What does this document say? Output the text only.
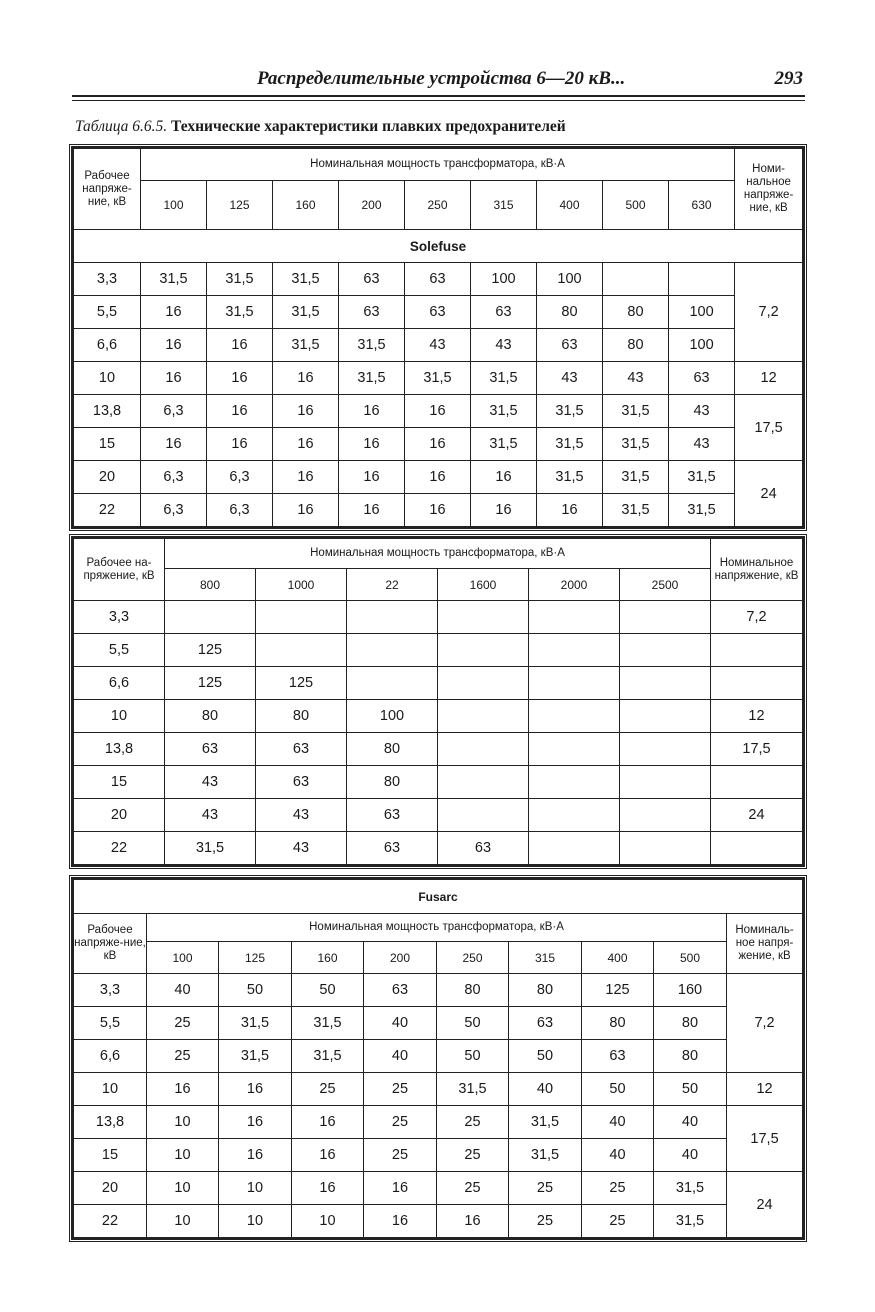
Распределительные устройства 6—20 кВ...	293
Таблица 6.6.5. Технические характеристики плавких предохранителей
Рабочее напряже-ние, кВ	Номинальная мощность трансформатора, кВ·А									Номи-нальное напряже-ние, кВ
	100	125	160	200	250	315	400	500	630	
Solefuse										
3,3	31,5	31,5	31,5	63	63	100	100			7,2
5,5	16	31,5	31,5	63	63	63	80	80	100	
6,6	16	16	31,5	31,5	43	43	63	80	100	
10	16	16	16	31,5	31,5	31,5	43	43	63	12
13,8	6,3	16	16	16	16	31,5	31,5	31,5	43	17,5
15	16	16	16	16	16	31,5	31,5	31,5	43	
20	6,3	6,3	16	16	16	16	31,5	31,5	31,5	24
22	6,3	6,3	16	16	16	16	16	31,5	31,5	
Рабочее на-пряжение, кВ	Номинальная мощность трансформатора, кВ·А						Номинальное напряжение, кВ
	800	1000	22	1600	2000	2500	
3,3							7,2
5,5	125						
6,6	125	125					
10	80	80	100				12
13,8	63	63	80				17,5
15	43	63	80				
20	43	43	63				24
22	31,5	43	63	63			
Fusarc									
Рабочее напряже-ние, кВ	Номинальная мощность трансформатора, кВ·А								Номиналь-ное напря-жение, кВ
	100	125	160	200	250	315	400	500	
3,3	40	50	50	63	80	80	125	160	7,2
5,5	25	31,5	31,5	40	50	63	80	80	
6,6	25	31,5	31,5	40	50	50	63	80	
10	16	16	25	25	31,5	40	50	50	12
13,8	10	16	16	25	25	31,5	40	40	17,5
15	10	16	16	25	25	31,5	40	40	
20	10	10	16	16	25	25	25	31,5	24
22	10	10	10	16	16	25	25	31,5	
